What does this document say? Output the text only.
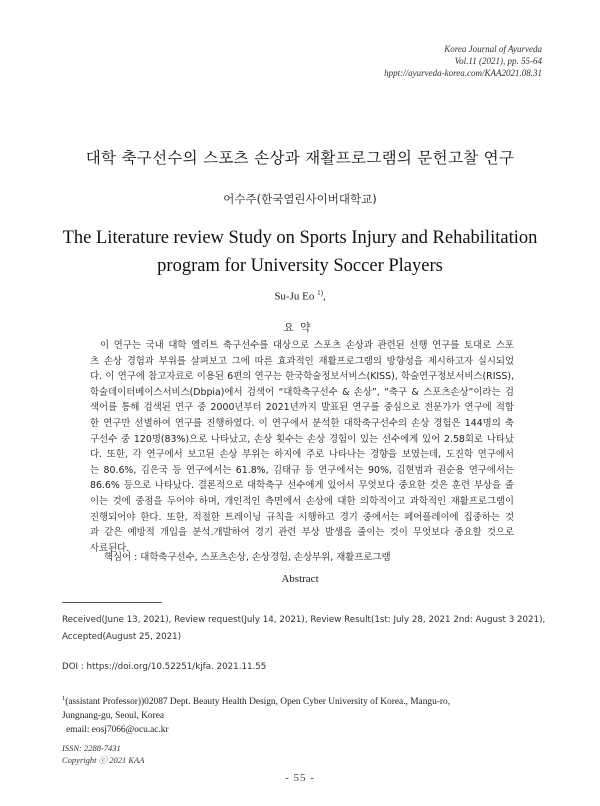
Korea Journal of Ayurveda
Vol.11 (2021), pp. 55-64
hppt://ayurveda-korea.com/KAA2021.08.31
대학 축구선수의 스포츠 손상과 재활프로그램의 문헌고찰 연구
어수주(한국열린사이버대학교)
The Literature review Study on Sports Injury and Rehabilitation
program for University Soccer Players
Su-Ju Eo $^{1)}$,
요약
이 연구는 국내 대학 엘리트 축구선수를 대상으로 스포츠 손상과 관련된 선행 연구를 토대로 스포
츠 손상 경험과 부위를 살펴보고 그에 따른 효과적인 재활프로그램의 방향성을 제시하고자 실시되었
다. 이 연구에 참고자료로 이용된 6편의 연구는 한국학술정보서비스(KISS), 학술연구정보서비스(RISS),
학술데이터베이스서비스(Dbpia)에서 검색어 “대학축구선수 & 손상”, “축구 & 스포츠손상”이라는 검
색어를 통해 검색된 연구 중 2000년부터 2021년까지 발표된 연구를 중심으로 전문가가 연구에 적합
한 연구만 선별하여 연구를 진행하였다. 이 연구에서 분석한 대학축구선수의 손상 경험은 144명의 축
구선수 중 120명(83%)으로 나타났고, 손상 횟수는 손상 경험이 있는 선수에게 있어 2.58회로 나타났
다. 또한, 각 연구에서 보고된 손상 부위는 하지에 주로 나타나는 경향을 보였는데, 도진학 연구에서
는 80.6%, 김은국 등 연구에서는 61.8%, 김태규 등 연구에서는 90%, 김현범과 권순용 연구에서는
86.6% 등으로 나타났다. 결론적으로 대학축구 선수에게 있어서 무엇보다 중요한 것은 훈련 부상을 줄
이는 것에 중점을 두어야 하며, 개인적인 측면에서 손상에 대한 의학적이고 과학적인 재활프로그램이
진행되어야 한다. 또한, 적절한 트레이닝 규칙을 시행하고 경기 중에서는 페어플레이에 집중하는 것
과 같은 예방적 개입을 분석.개발하여 경기 관련 부상 발생을 줄이는 것이 무엇보다 중요할 것으로
사료된다.
핵심어 : 대학축구선수, 스포츠손상, 손상경험, 손상부위, 재활프로그램
Abstract
Received(June 13, 2021), Review request(July 14, 2021), Review Result(1st: July 28, 2021 2nd: August 3 2021),
Accepted(August 25, 2021)
DOI : https://doi.org/10.52251/kjfa. 2021.11.55
$^1$(assistant Professor))02087 Dept. Beauty Health Design, Open Cyber University of Korea., Mangu-ro,
Jungnang-gu, Seoul, Korea
email: eosj7066@ocu.ac.kr
ISSN: 2288-7431
Copyright ⓒ 2021 KAA
- 55 -
